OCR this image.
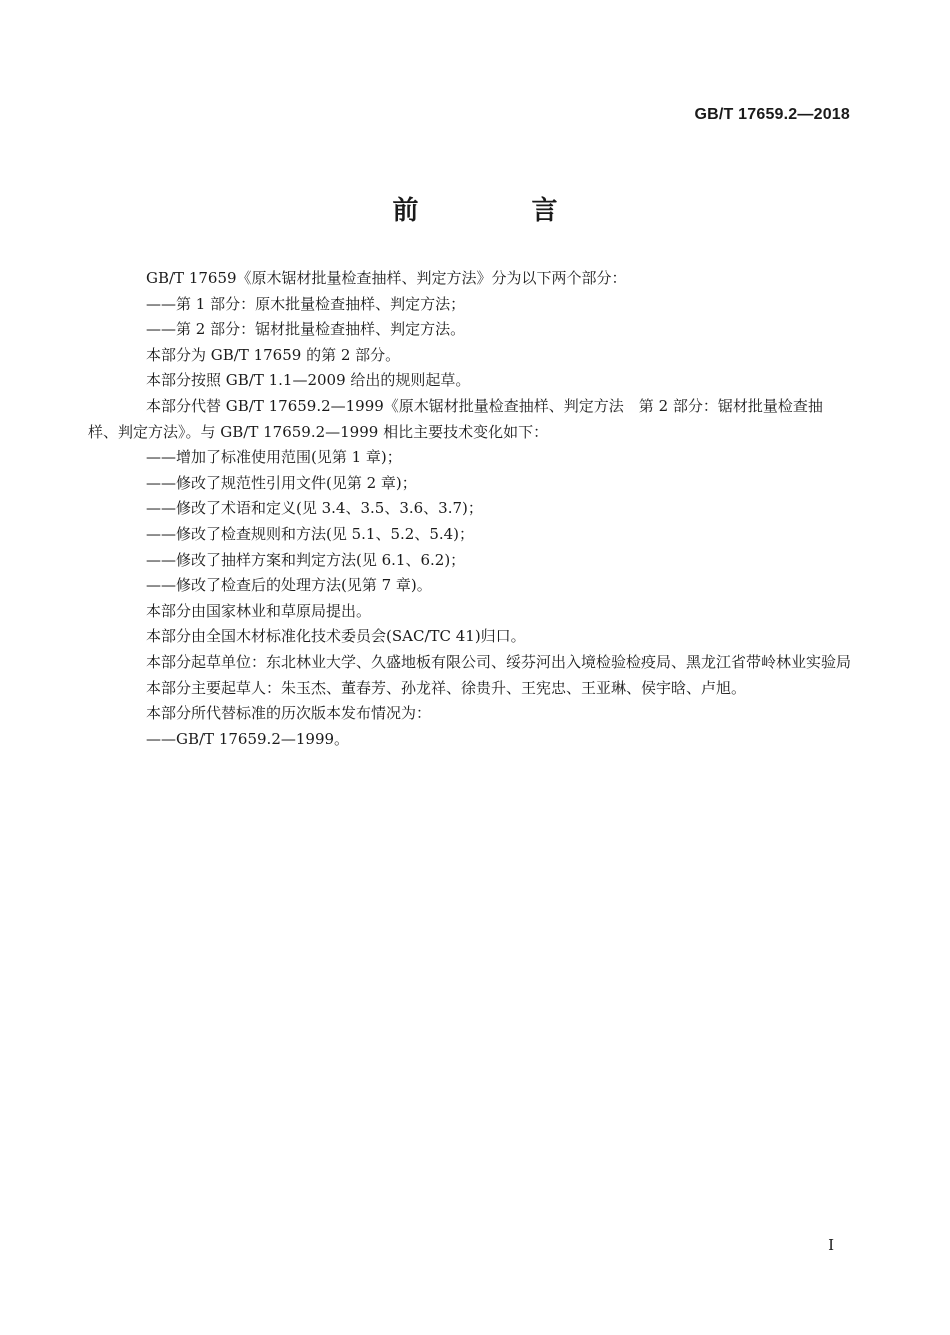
GB/T 17659.2—2018
前 言

GB/T 17659《原木锯材批量检查抽样、判定方法》分为以下两个部分：

——第 1 部分：原木批量检查抽样、判定方法；

——第 2 部分：锯材批量检查抽样、判定方法。

本部分为 GB/T 17659 的第 2 部分。

本部分按照 GB/T 1.1—2009 给出的规则起草。

本部分代替 GB/T 17659.2—1999《原木锯材批量检查抽样、判定方法　第 2 部分：锯材批量检查抽样、判定方法》。与 GB/T 17659.2—1999 相比主要技术变化如下：

——增加了标准使用范围(见第 1 章)；

——修改了规范性引用文件(见第 2 章)；

——修改了术语和定义(见 3.4、3.5、3.6、3.7)；

——修改了检查规则和方法(见 5.1、5.2、5.4)；

——修改了抽样方案和判定方法(见 6.1、6.2)；

——修改了检查后的处理方法(见第 7 章)。

本部分由国家林业和草原局提出。

本部分由全国木材标准化技术委员会(SAC/TC 41)归口。

本部分起草单位：东北林业大学、久盛地板有限公司、绥芬河出入境检验检疫局、黑龙江省带岭林业实验局

本部分主要起草人：朱玉杰、董春芳、孙龙祥、徐贵升、王宪忠、王亚琳、侯宇晗、卢旭。

本部分所代替标准的历次版本发布情况为：

——GB/T 17659.2—1999。

I
